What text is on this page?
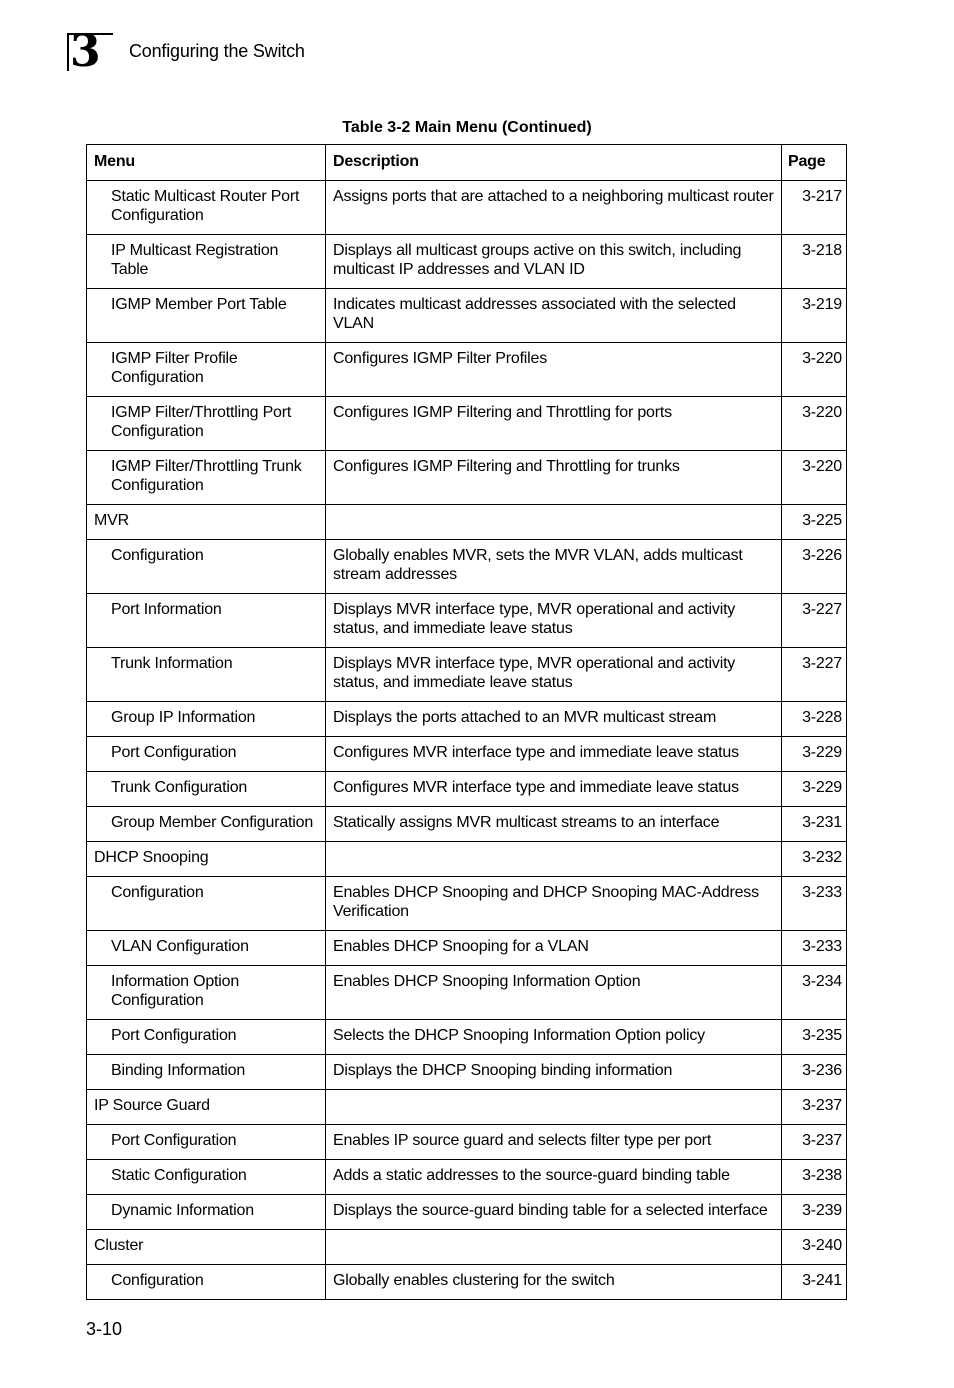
3 Configuring the Switch
Table 3-2 Main Menu (Continued)
Menu	Description	Page
Static Multicast Router Port Configuration	Assigns ports that are attached to a neighboring multicast router	3-217
IP Multicast Registration Table	Displays all multicast groups active on this switch, including multicast IP addresses and VLAN ID	3-218
IGMP Member Port Table	Indicates multicast addresses associated with the selected VLAN	3-219
IGMP Filter Profile Configuration	Configures IGMP Filter Profiles	3-220
IGMP Filter/Throttling Port Configuration	Configures IGMP Filtering and Throttling for ports	3-220
IGMP Filter/Throttling Trunk Configuration	Configures IGMP Filtering and Throttling for trunks	3-220
MVR		3-225
Configuration	Globally enables MVR, sets the MVR VLAN, adds multicast stream addresses	3-226
Port Information	Displays MVR interface type, MVR operational and activity status, and immediate leave status	3-227
Trunk Information	Displays MVR interface type, MVR operational and activity status, and immediate leave status	3-227
Group IP Information	Displays the ports attached to an MVR multicast stream	3-228
Port Configuration	Configures MVR interface type and immediate leave status	3-229
Trunk Configuration	Configures MVR interface type and immediate leave status	3-229
Group Member Configuration	Statically assigns MVR multicast streams to an interface	3-231
DHCP Snooping		3-232
Configuration	Enables DHCP Snooping and DHCP Snooping MAC-Address Verification	3-233
VLAN Configuration	Enables DHCP Snooping for a VLAN	3-233
Information Option Configuration	Enables DHCP Snooping Information Option	3-234
Port Configuration	Selects the DHCP Snooping Information Option policy	3-235
Binding Information	Displays the DHCP Snooping binding information	3-236
IP Source Guard		3-237
Port Configuration	Enables IP source guard and selects filter type per port	3-237
Static Configuration	Adds a static addresses to the source-guard binding table	3-238
Dynamic Information	Displays the source-guard binding table for a selected interface	3-239
Cluster		3-240
Configuration	Globally enables clustering for the switch	3-241
3-10
